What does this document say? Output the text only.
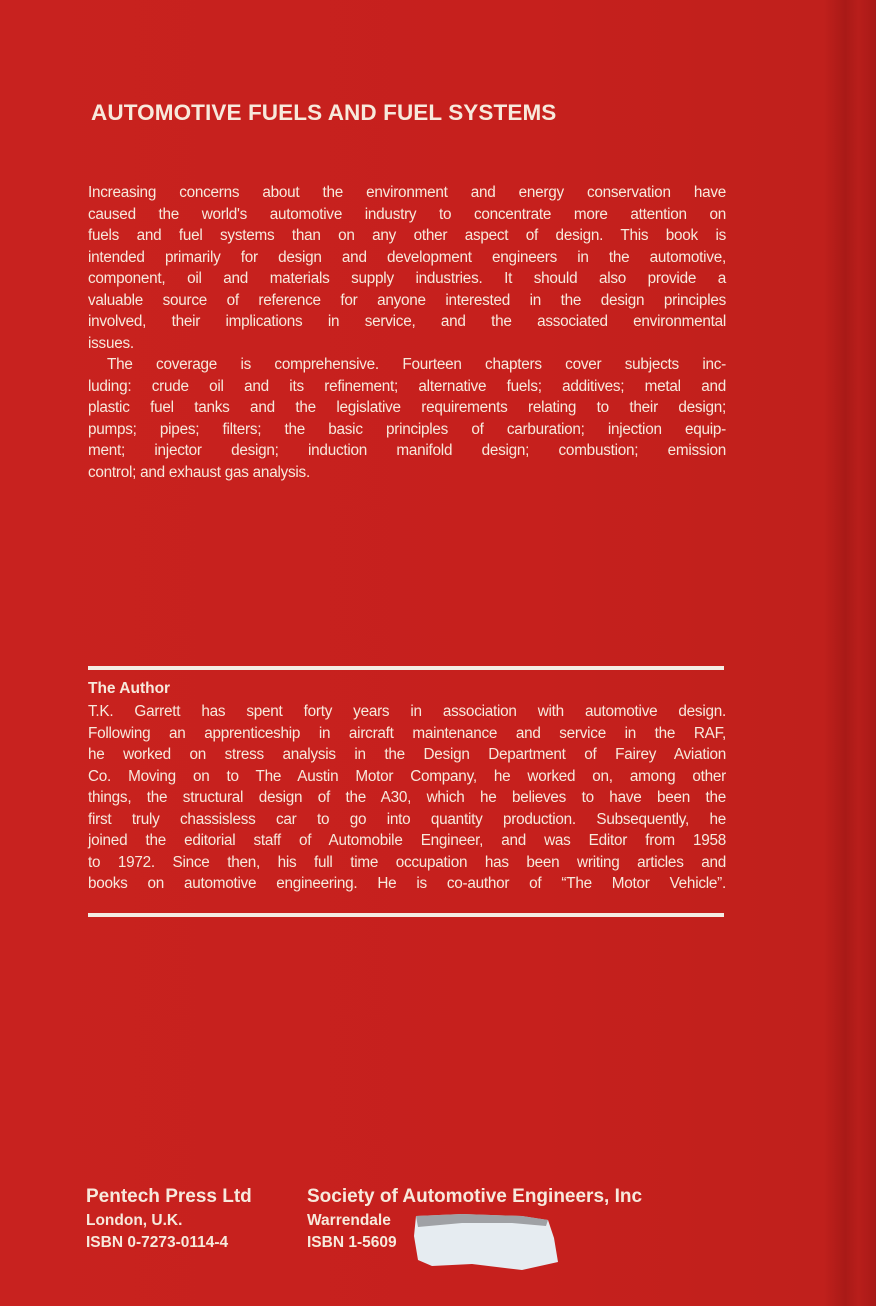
AUTOMOTIVE FUELS AND FUEL SYSTEMS
Increasing concerns about the environment and energy conservation have
caused the world's automotive industry to concentrate more attention on
fuels and fuel systems than on any other aspect of design. This book is
intended primarily for design and development engineers in the automotive,
component, oil and materials supply industries. It should also provide a
valuable source of reference for anyone interested in the design principles
involved, their implications in service, and the associated environmental
issues.
The coverage is comprehensive. Fourteen chapters cover subjects inc-
luding: crude oil and its refinement; alternative fuels; additives; metal and
plastic fuel tanks and the legislative requirements relating to their design;
pumps; pipes; filters; the basic principles of carburation; injection equip-
ment; injector design; induction manifold design; combustion; emission
control; and exhaust gas analysis.
The Author
T.K. Garrett has spent forty years in association with automotive design.
Following an apprenticeship in aircraft maintenance and service in the RAF,
he worked on stress analysis in the Design Department of Fairey Aviation
Co. Moving on to The Austin Motor Company, he worked on, among other
things, the structural design of the A30, which he believes to have been the
first truly chassisless car to go into quantity production. Subsequently, he
joined the editorial staff of Automobile Engineer, and was Editor from 1958
to 1972. Since then, his full time occupation has been writing articles and
books on automotive engineering. He is co-author of “The Motor Vehicle”.
Pentech Press Ltd
London, U.K.
ISBN 0-7273-0114-4
Society of Automotive Engineers, Inc
Warrendale
ISBN 1-5609
